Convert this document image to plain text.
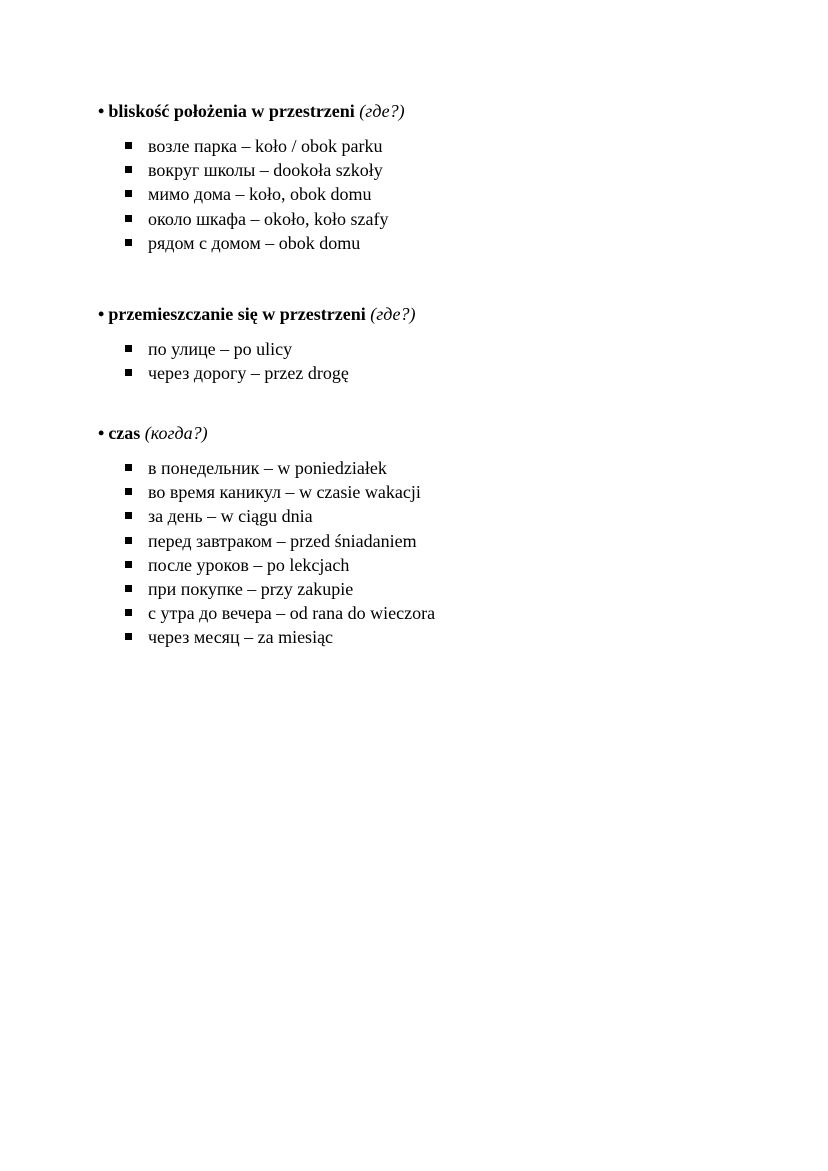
• bliskość położenia w przestrzeni (где?)
возле парка – koło / obok parku
вокруг школы – dookoła szkoły
мимо дома – koło, obok domu
около шкафа – około, koło szafy
рядом с домом – obok domu
• przemieszczanie się w przestrzeni (где?)
по улице – po ulicy
через дорогу – przez drogę
• czas (когда?)
в понедельник – w poniedziałek
во время каникул – w czasie wakacji
за день – w ciągu dnia
перед завтраком – przed śniadaniem
после уроков – po lekcjach
при покупке – przy zakupie
с утра до вечера – od rana do wieczora
через месяц – za miesiąc
